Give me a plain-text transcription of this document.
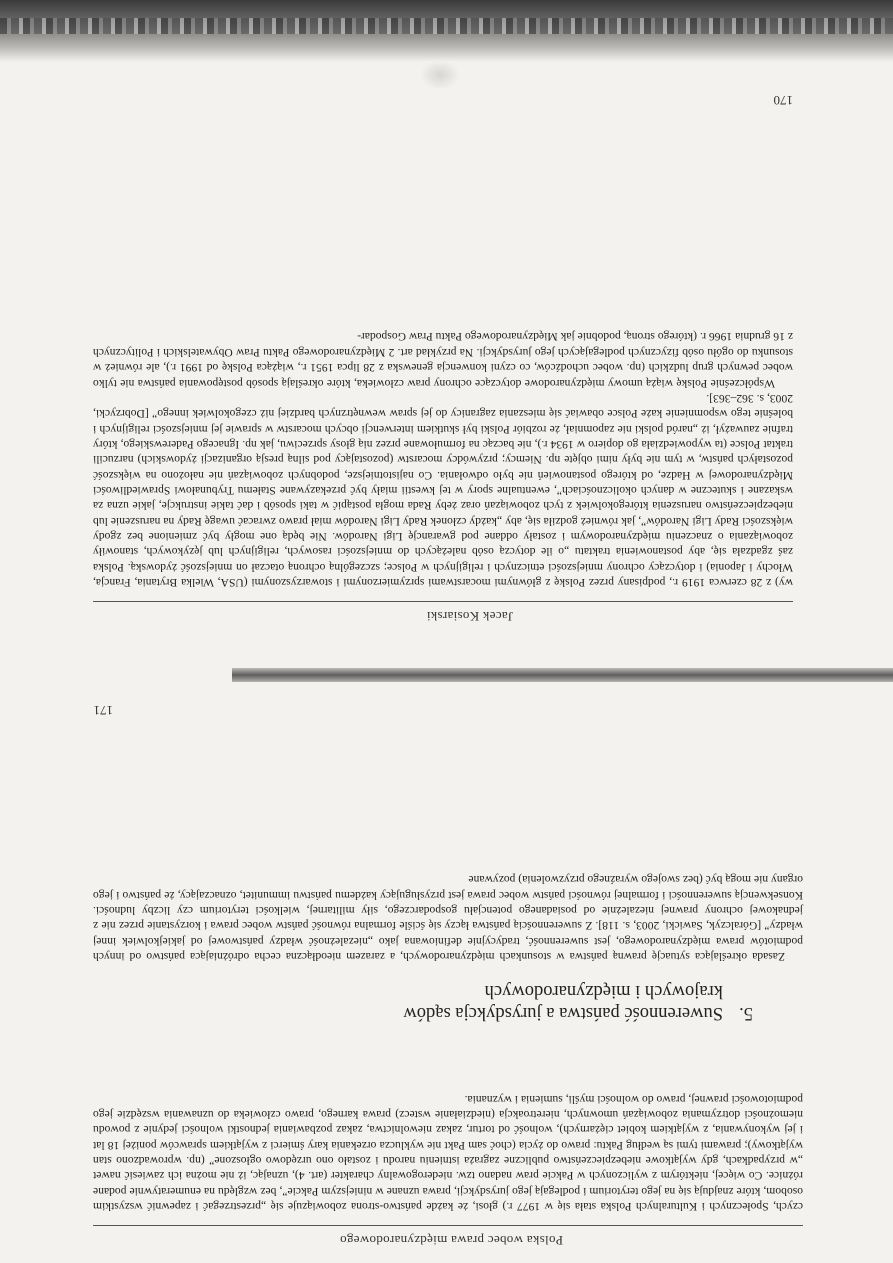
Jacek Kosiarski

wy) z 28 czerwca 1919 r., podpisany przez Polskę z głównymi mocarstwami sprzymierzonymi i stowarzyszonymi (USA, Wielka Brytania, Francja, Włochy i Japonia) i dotyczący ochrony mniejszości etnicznych i religijnych w Polsce; szczególną ochroną otaczał on mniejszość żydowską. Polska zaś zgadzała się, aby postanowienia traktatu „o ile dotyczą osób należących do mniejszości rasowych, religijnych lub językowych, stanowiły zobowiązania o znaczeniu międzynarodowym i zostały oddane pod gwarancję Ligi Narodów. Nie będą one mogły być zmienione bez zgody większości Rady Ligi Narodów”, jak również godziła się, aby „każdy członek Rady Ligi Narodów miał prawo zwracać uwagę Rady na naruszenie lub niebezpieczeństwo naruszenia któregokolwiek z tych zobowiązań oraz żeby Rada mogła postąpić w taki sposób i dać takie instrukcje, jakie uzna za wskazane i skuteczne w danych okolicznościach”, ewentualne spory w tej kwestii miały być przekazywane Stałemu Trybunałowi Sprawiedliwości Międzynarodowej w Hadze, od którego postanowień nie było odwołania. Co najistotniejsze, podobnych zobowiązań nie nałożono na większość pozostałych państw, w tym nie były nimi objęte np. Niemcy; przywódcy mocarstw (pozostający pod silną presją organizacji żydowskich) narzucili traktat Polsce (ta wypowiedziała go dopiero w 1934 r.), nie bacząc na formułowane przez nią głosy sprzeciwu, jak np. Ignacego Paderewskiego, który trafnie zauważył, iż „naród polski nie zapomniał, że rozbiór Polski był skutkiem interwencji obcych mocarstw w sprawie jej mniejszości religijnych i boleśnie tego wspomnienie każe Polsce obawiać się mieszania zagranicy do jej spraw wewnętrznych bardziej niż czegokolwiek innego” [Dobrzycki, 2003, s. 362–363].

Współcześnie Polskę wiążą umowy międzynarodowe dotyczące ochrony praw człowieka, które określają sposób postępowania państwa nie tylko wobec pewnych grup ludzkich (np. wobec uchodźców, co czyni konwencja genewska z 28 lipca 1951 r., wiążąca Polskę od 1991 r.), ale również w stosunku do ogółu osób fizycznych podlegających jego jurysdykcji. Na przykład art. 2 Międzynarodowego Paktu Praw Obywatelskich i Politycznych z 16 grudnia 1966 r. (którego stroną, podobnie jak Międzynarodowego Paktu Praw Gospodar-

170
Polska wobec prawa międzynarodowego

czych, Społecznych i Kulturalnych Polska stała się w 1977 r.) głosi, że każde państwo-strona zobowiązuje się „przestrzegać i zapewnić wszystkim osobom, które znajdują się na jego terytorium i podlegają jego jurysdykcji, prawa uznane w niniejszym Pakcie”, bez względu na enumeratywnie podane różnice. Co więcej, niektórym z wyliczonych w Pakcie praw nadano tzw. niederogowalny charakter (art. 4), uznając, iż nie można ich zawiesić nawet „w przypadkach, gdy wyjątkowe niebezpieczeństwo publiczne zagraża istnieniu narodu i zostało ono urzędowo ogłoszone” (np. wprowadzono stan wyjątkowy); prawami tymi są według Paktu: prawo do życia (choć sam Pakt nie wyklucza orzekania kary śmierci z wyjątkiem sprawców poniżej 18 lat i jej wykonywania, z wyjątkiem kobiet ciężarnych), wolność od tortur, zakaz niewolnictwa, zakaz pozbawiania jednostki wolności jedynie z powodu niemożności dotrzymania zobowiązań umownych, nieretroakcja (niedziałanie wstecz) prawa karnego, prawo człowieka do uznawania wszędzie jego podmiotowości prawnej, prawo do wolności myśli, sumienia i wyznania.

5.Suwerenność państwa a jurysdykcja sądów
krajowych i międzynarodowych

Zasada określająca sytuację prawną państwa w stosunkach międzynarodowych, a zarazem nieodłączna cecha odróżniająca państwo od innych podmiotów prawa międzynarodowego, jest suwerenność, tradycyjnie definiowana jako „niezależność władzy państwowej od jakiejkolwiek innej władzy” [Góralczyk, Sawicki, 2003, s. 118]. Z suwerennością państwa łączy się ściśle formalna równość państw wobec prawa i korzystanie przez nie z jednakowej ochrony prawnej niezależnie od posiadanego potencjału gospodarczego, siły militarnej, wielkości terytorium czy liczby ludności. Konsekwencją suwerenności i formalnej równości państw wobec prawa jest przysługujący każdemu państwu immunitet, oznaczający, że państwo i jego organy nie mogą być (bez swojego wyraźnego przyzwolenia) pozywane

171
